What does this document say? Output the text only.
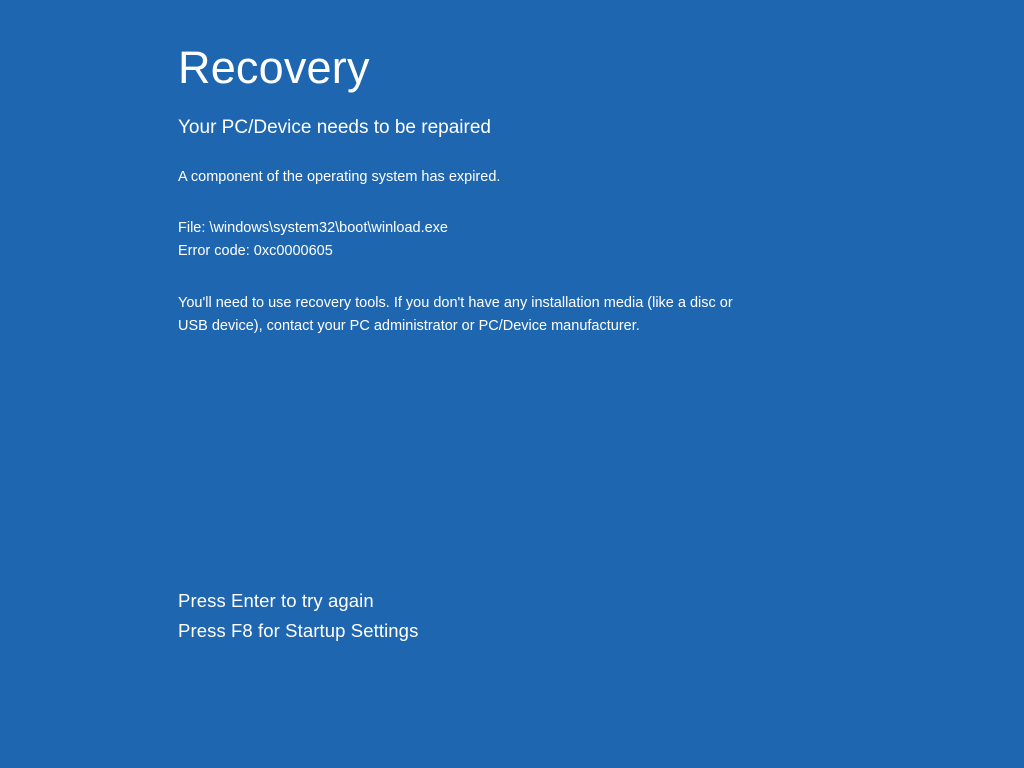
Recovery
Your PC/Device needs to be repaired

A component of the operating system has expired.

File: \windows\system32\boot\winload.exe
Error code: 0xc0000605

You'll need to use recovery tools. If you don't have any installation media (like a disc or USB device), contact your PC administrator or PC/Device manufacturer.

Press Enter to try again
Press F8 for Startup Settings
